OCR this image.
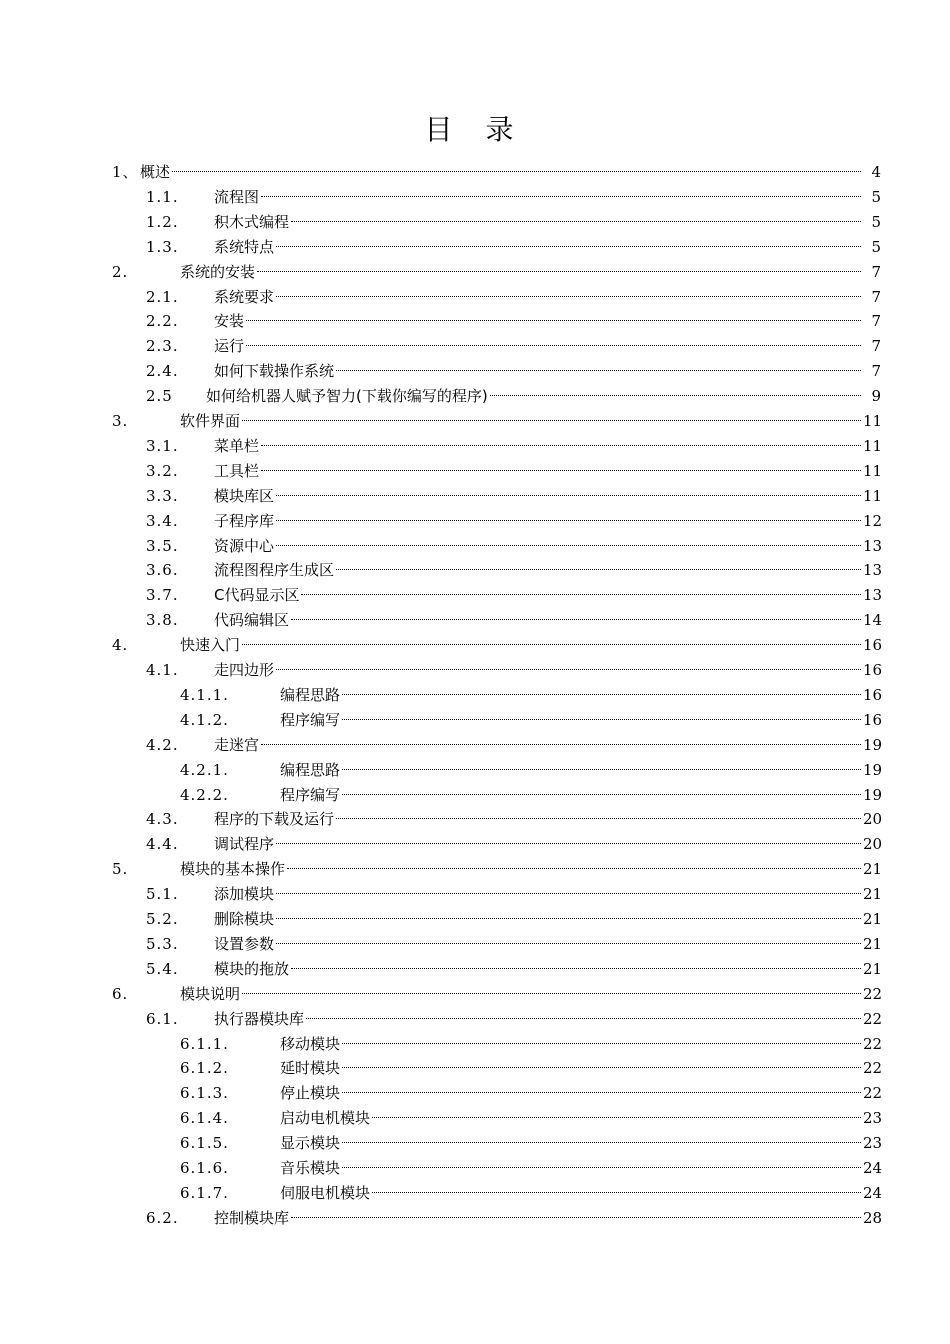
目 录
1、 概述	4
1.1.	流程图	5
1.2.	积木式编程	5
1.3.	系统特点	5
2.	系统的安装	7
2.1.	系统要求	7
2.2.	安装	7
2.3.	运行	7
2.4.	如何下载操作系统	7
2.5	如何给机器人赋予智力(下载你编写的程序)	9
3.	软件界面	11
3.1.	菜单栏	11
3.2.	工具栏	11
3.3.	模块库区	11
3.4.	子程序库	12
3.5.	资源中心	13
3.6.	流程图程序生成区	13
3.7.	C代码显示区	13
3.8.	代码编辑区	14
4.	快速入门	16
4.1.	走四边形	16
4.1.1.	编程思路	16
4.1.2.	程序编写	16
4.2.	走迷宫	19
4.2.1.	编程思路	19
4.2.2.	程序编写	19
4.3.	程序的下载及运行	20
4.4.	调试程序	20
5.	模块的基本操作	21
5.1.	添加模块	21
5.2.	删除模块	21
5.3.	设置参数	21
5.4.	模块的拖放	21
6.	模块说明	22
6.1.	执行器模块库	22
6.1.1.	移动模块	22
6.1.2.	延时模块	22
6.1.3.	停止模块	22
6.1.4.	启动电机模块	23
6.1.5.	显示模块	23
6.1.6.	音乐模块	24
6.1.7.	伺服电机模块	24
6.2.	控制模块库	28
